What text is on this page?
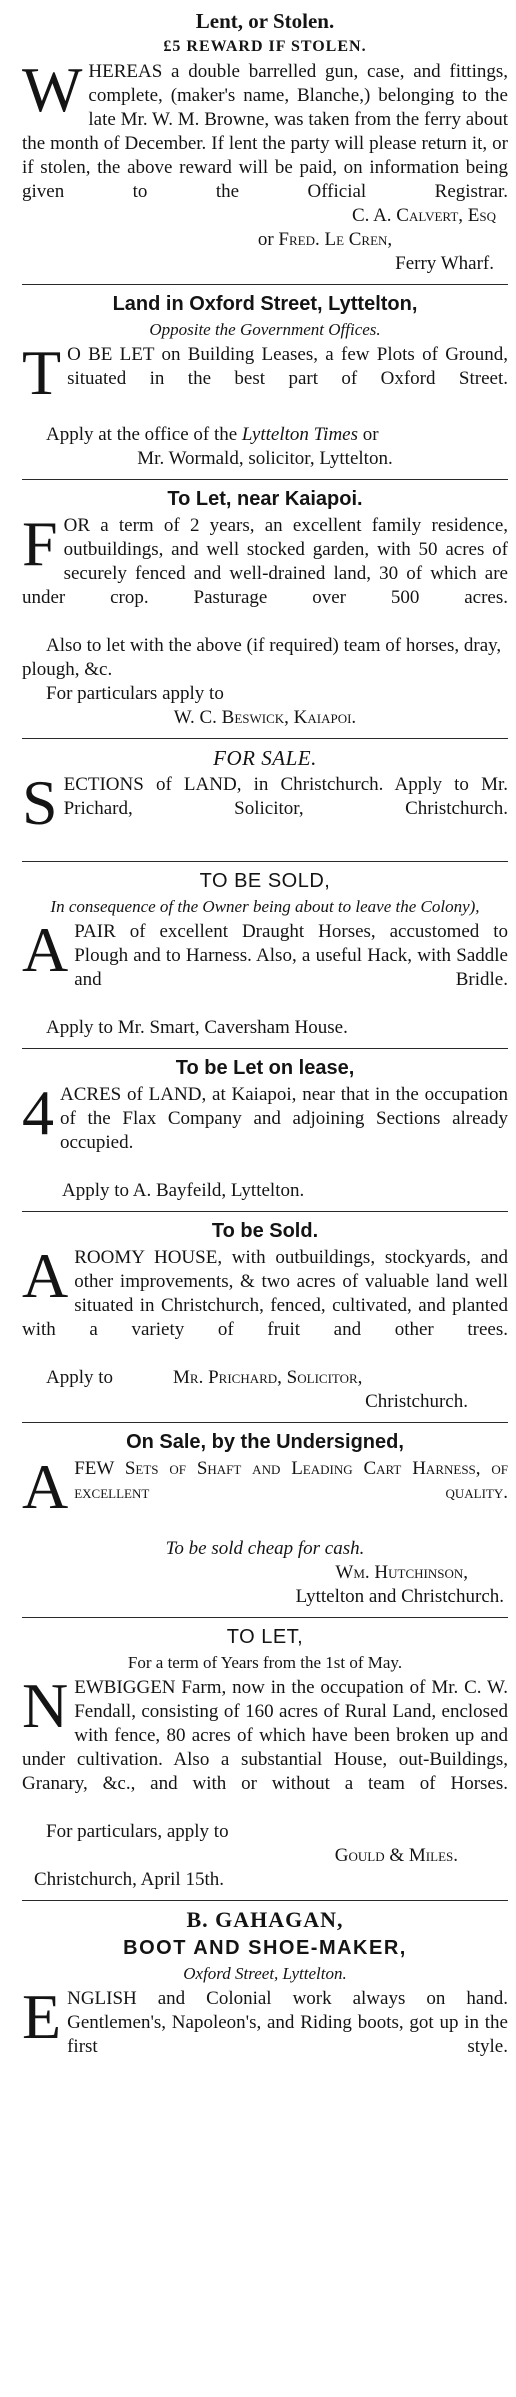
Lent, or Stolen.
£5 REWARD IF STOLEN.

WHEREAS a double barrelled gun, case, and fittings, complete, (maker's name, Blanche,) belonging to the late Mr. W. M. Browne, was taken from the ferry about the month of December. If lent the party will please return it, or if stolen, the above reward will be paid, on information being given to the Official Registrar.

C. A. Calvert, Esq

or Fred. Le Cren,

Ferry Wharf.

Land in Oxford Street, Lyttelton,
Opposite the Government Offices.

T O BE LET on Building Leases, a few Plots of Ground, situated in the best part of Oxford Street.

Apply at the office of the Lyttelton Times or

Mr. Wormald, solicitor, Lyttelton.

To Let, near Kaiapoi.

FOR a term of 2 years, an excellent family residence, outbuildings, and well stocked garden, with 50 acres of securely fenced and well-drained land, 30 of which are under crop. Pasturage over 500 acres.

Also to let with the above (if required) team of horses, dray, plough, &c.

For particulars apply to

W. C. Beswick, Kaiapoi.

FOR SALE.

SECTIONS of LAND, in Christchurch. Apply to Mr. Prichard, Solicitor, Christchurch.

TO BE SOLD,
In consequence of the Owner being about to leave the Colony),

APAIR of excellent Draught Horses, accustomed to Plough and to Harness. Also, a useful Hack, with Saddle and Bridle.

Apply to Mr. Smart, Caversham House.

To be Let on lease,

4 ACRES of LAND, at Kaiapoi, near that in the occupation of the Flax Company and adjoining Sections already occupied.

Apply to A. Bayfeild, Lyttelton.

To be Sold.

AROOMY HOUSE, with outbuildings, stockyards, and other improvements, & two acres of valuable land well situated in Christchurch, fenced, cultivated, and planted with a variety of fruit and other trees.

Apply to	Mr. Prichard, Solicitor,

Christchurch.

On Sale, by the Undersigned,

AFEW Sets of Shaft and Leading Cart Harness, of excellent quality.

To be sold cheap for cash.

Wm. Hutchinson,

Lyttelton and Christchurch.

TO LET,
For a term of Years from the 1st of May.

NEWBIGGEN Farm, now in the occupation of Mr. C. W. Fendall, consisting of 160 acres of Rural Land, enclosed with fence, 80 acres of which have been broken up and under cultivation. Also a substantial House, out-Buildings, Granary, &c., and with or without a team of Horses.

For particulars, apply to

Gould & Miles.

Christchurch, April 15th.

B. GAHAGAN,
BOOT AND SHOE-MAKER,
Oxford Street, Lyttelton.

ENGLISH and Colonial work always on hand. Gentlemen's, Napoleon's, and Riding boots, got up in the first style.
